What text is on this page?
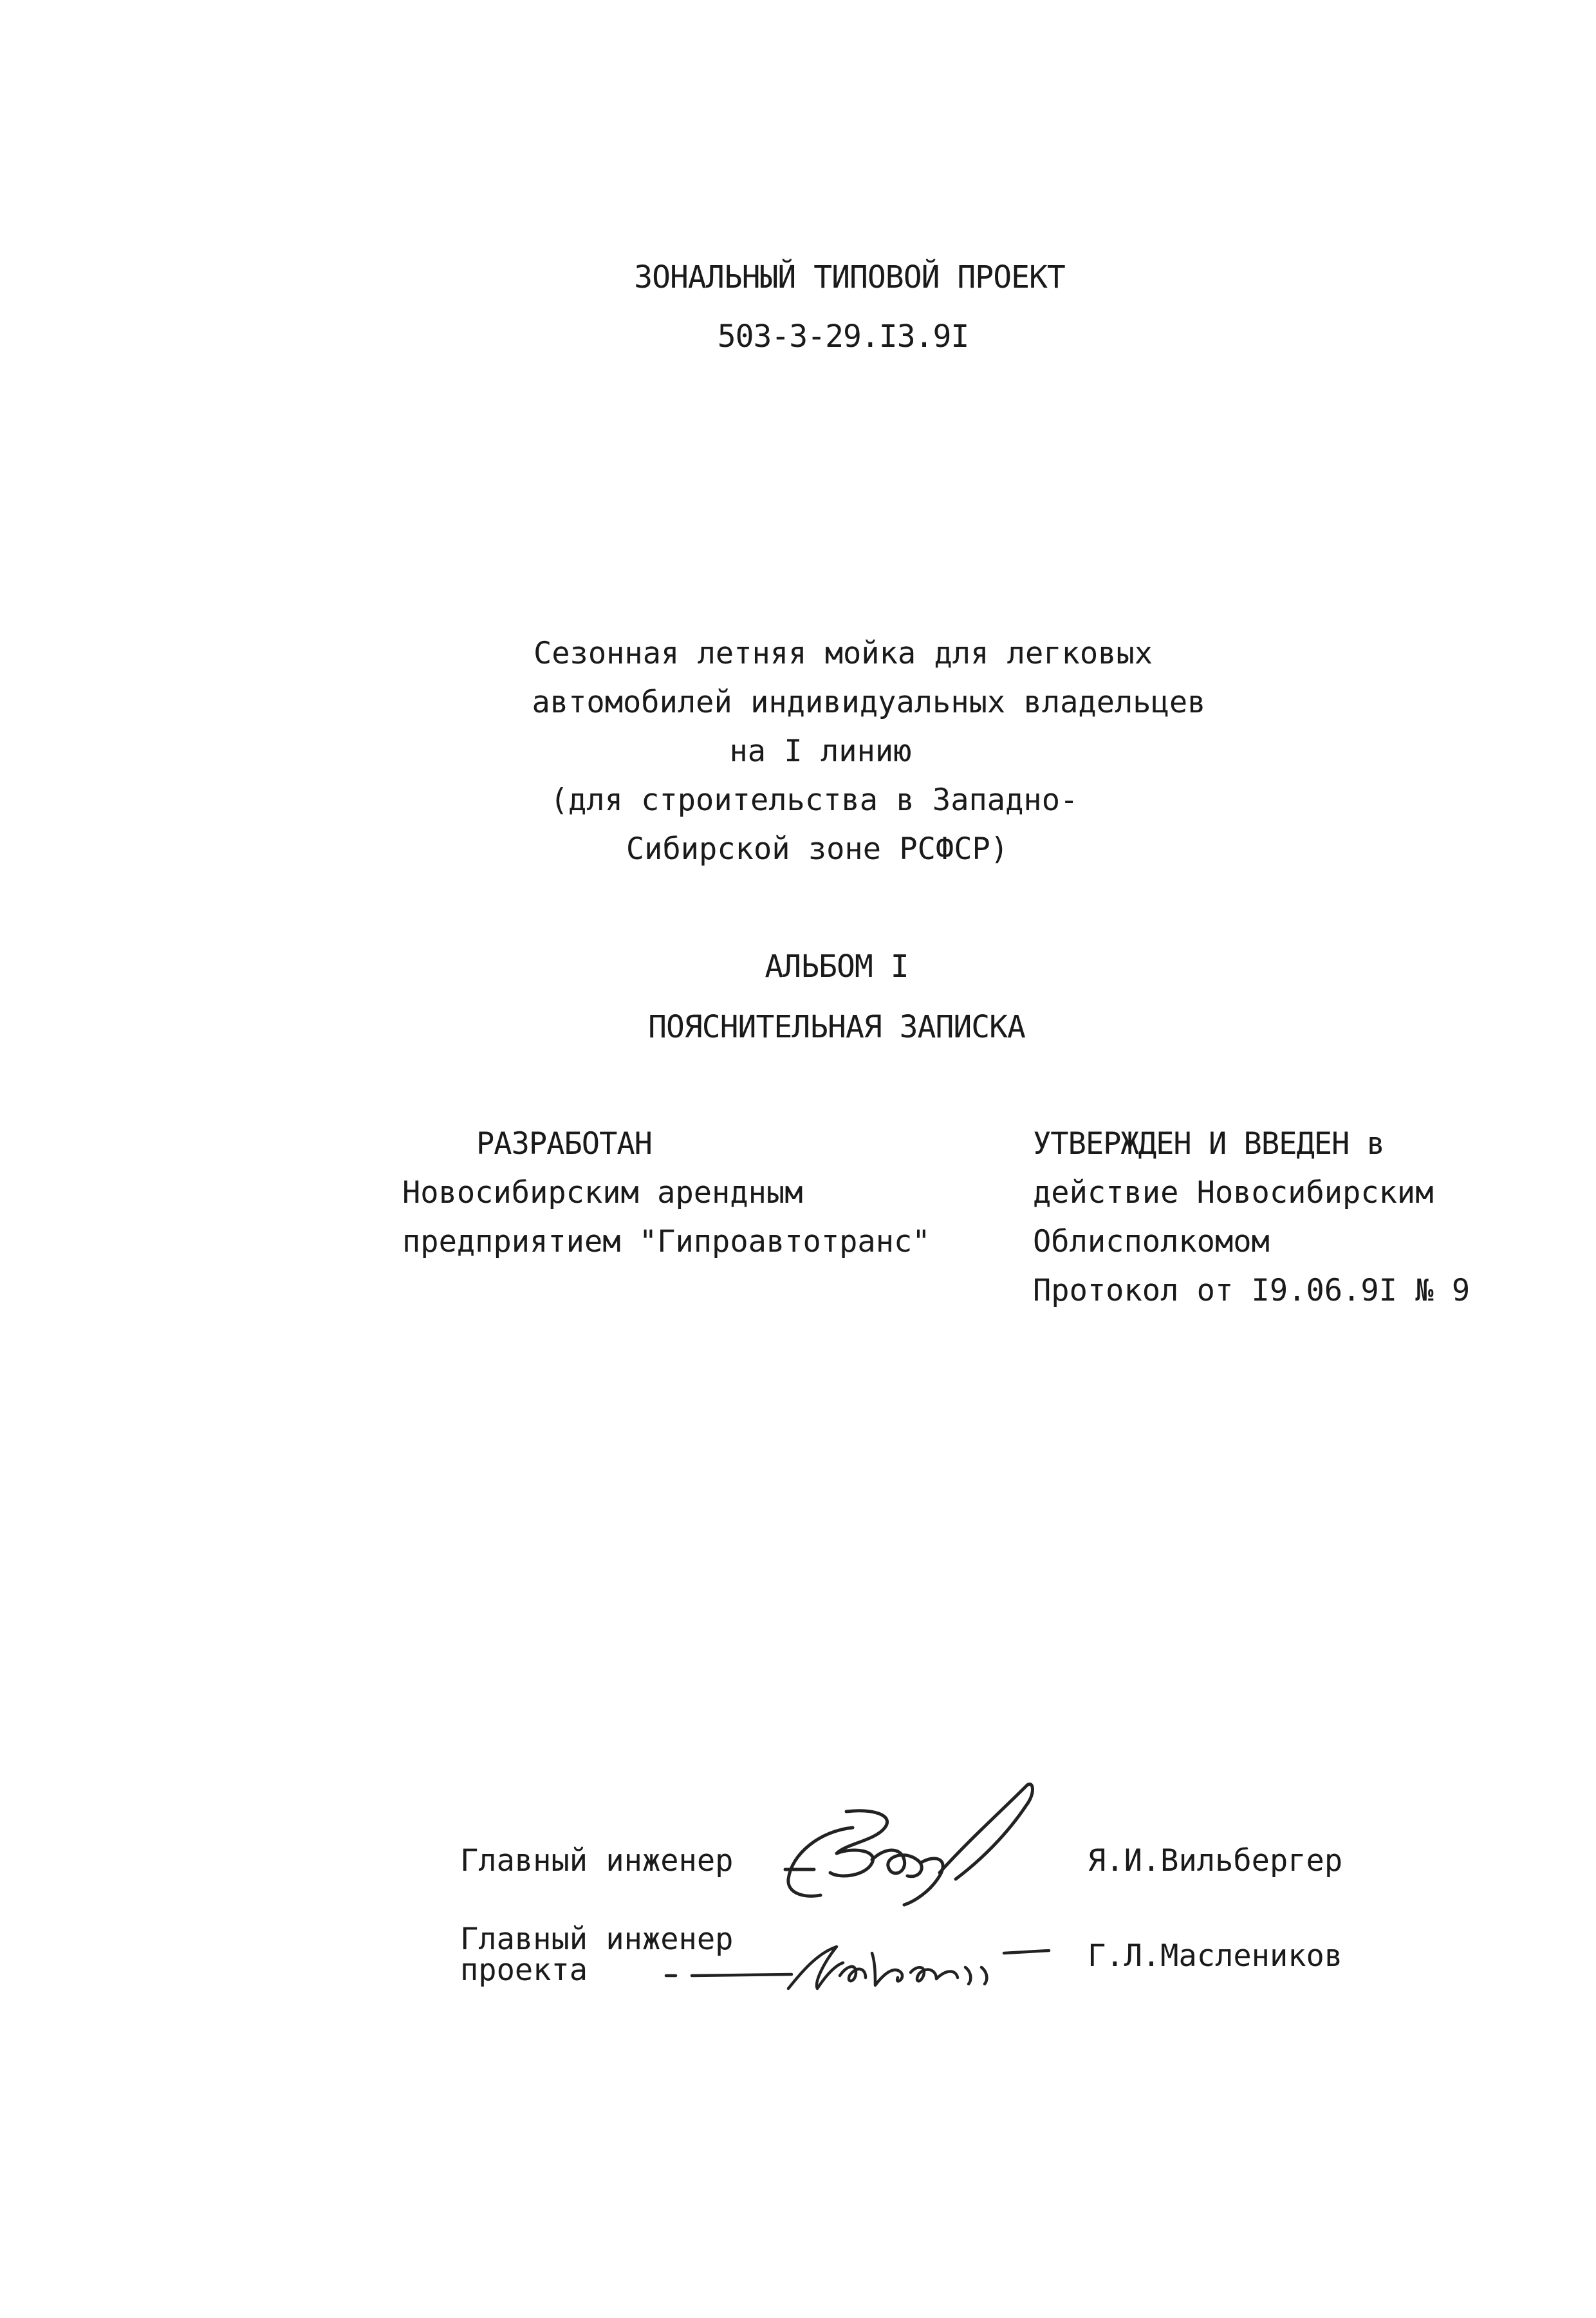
ЗОНАЛЬНЫЙ ТИПОВОЙ ПРОЕКТ
503-3-29.I3.9I
Сезонная летняя мойка для легковых
автомобилей индивидуальных владельцев
на I линию
(для строительства в Западно-
Сибирской зоне РСФСР)
АЛЬБОМ I
ПОЯСНИТЕЛЬНАЯ ЗАПИСКА
РАЗРАБОТАН
Новосибирским арендным
предприятием "Гипроавтотранс"
УТВЕРЖДЕН И ВВЕДЕН в
действие Новосибирским
Облисполкомом
Протокол от I9.06.9I № 9
Главный инженер	Я.И.Вильбергер
Главный инженер
проекта	Г.Л.Маслеников
